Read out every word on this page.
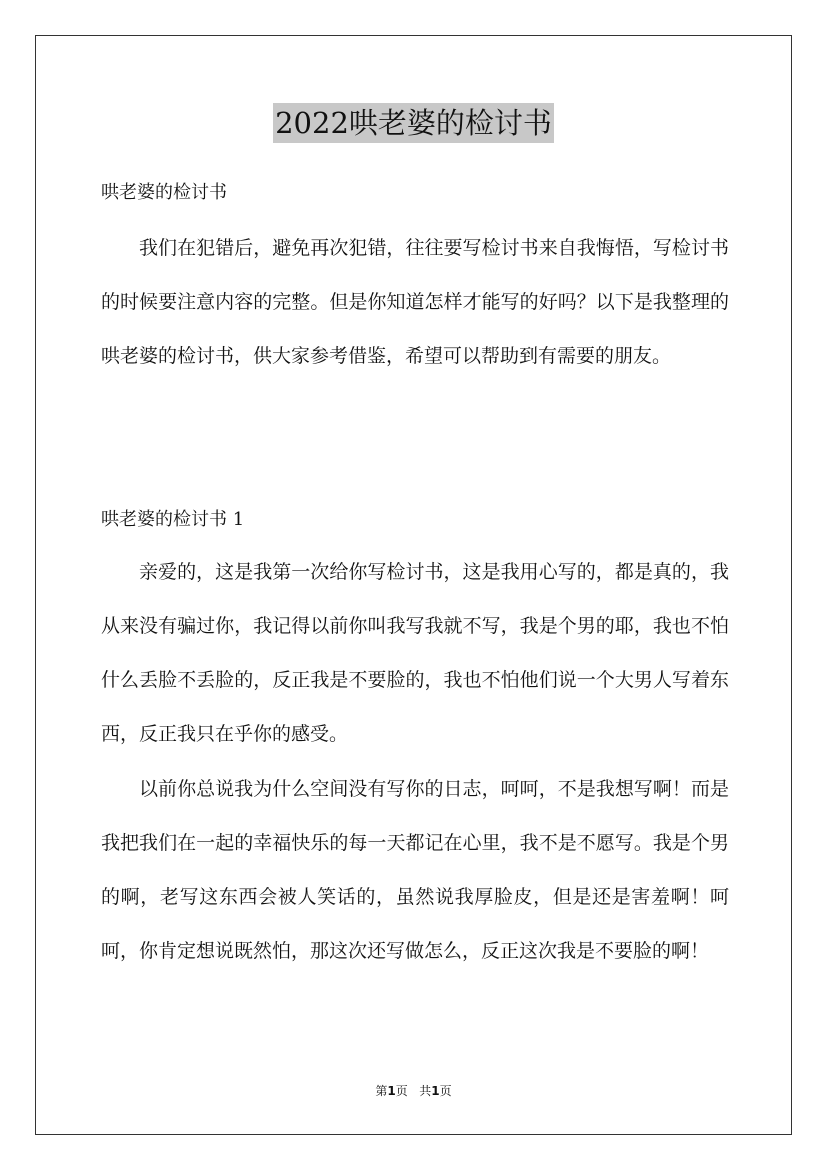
2022哄老婆的检讨书
哄老婆的检讨书

我们在犯错后，避免再次犯错，往往要写检讨书来自我悔悟，写检讨书的时候要注意内容的完整。但是你知道怎样才能写的好吗？以下是我整理的哄老婆的检讨书，供大家参考借鉴，希望可以帮助到有需要的朋友。

哄老婆的检讨书 1

亲爱的，这是我第一次给你写检讨书，这是我用心写的，都是真的，我从来没有骗过你，我记得以前你叫我写我就不写，我是个男的耶，我也不怕什么丢脸不丢脸的，反正我是不要脸的，我也不怕他们说一个大男人写着东西，反正我只在乎你的感受。

以前你总说我为什么空间没有写你的日志，呵呵，不是我想写啊！而是我把我们在一起的幸福快乐的每一天都记在心里，我不是不愿写。我是个男的啊，老写这东西会被人笑话的，虽然说我厚脸皮，但是还是害羞啊！呵呵，你肯定想说既然怕，那这次还写做怎么，反正这次我是不要脸的啊！

第1页 共1页
